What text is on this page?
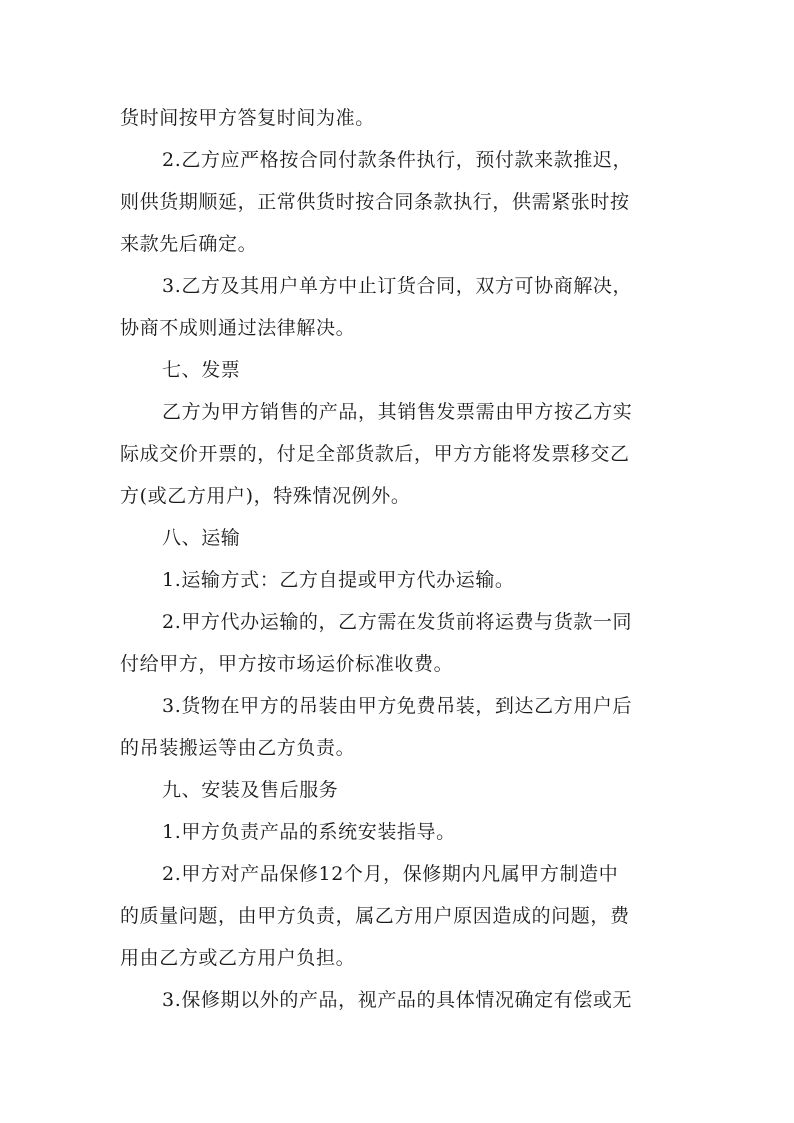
货时间按甲方答复时间为准。
2.乙方应严格按合同付款条件执行，预付款来款推迟，
则供货期顺延，正常供货时按合同条款执行，供需紧张时按
来款先后确定。
3.乙方及其用户单方中止订货合同，双方可协商解决，
协商不成则通过法律解决。
七、发票
乙方为甲方销售的产品，其销售发票需由甲方按乙方实
际成交价开票的，付足全部货款后，甲方方能将发票移交乙
方(或乙方用户)，特殊情况例外。
八、运输
1.运输方式：乙方自提或甲方代办运输。
2.甲方代办运输的，乙方需在发货前将运费与货款一同
付给甲方，甲方按市场运价标准收费。
3.货物在甲方的吊装由甲方免费吊装，到达乙方用户后
的吊装搬运等由乙方负责。
九、安装及售后服务
1.甲方负责产品的系统安装指导。
2.甲方对产品保修12个月，保修期内凡属甲方制造中
的质量问题，由甲方负责，属乙方用户原因造成的问题，费
用由乙方或乙方用户负担。
3.保修期以外的产品，视产品的具体情况确定有偿或无
